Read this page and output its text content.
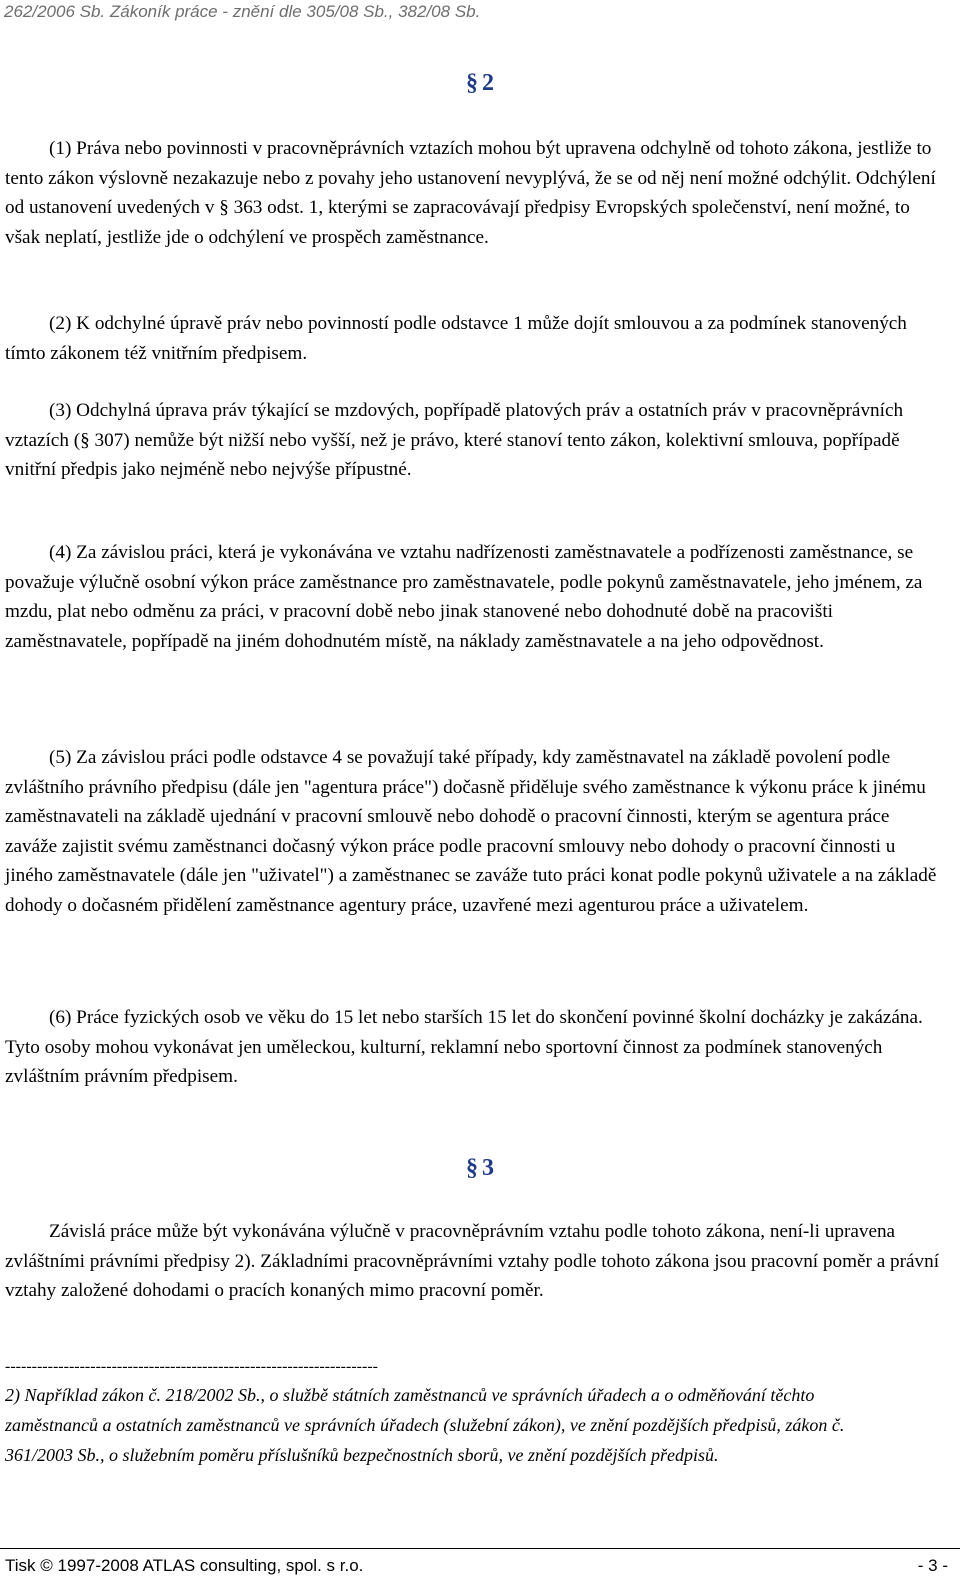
262/2006 Sb. Zákoník práce - znění dle 305/08 Sb., 382/08 Sb.
§ 2

(1) Práva nebo povinnosti v pracovněprávních vztazích mohou být upravena odchylně od tohoto zákona, jestliže to tento zákon výslovně nezakazuje nebo z povahy jeho ustanovení nevyplývá, že se od něj není možné odchýlit. Odchýlení od ustanovení uvedených v § 363 odst. 1, kterými se zapracovávají předpisy Evropských společenství, není možné, to však neplatí, jestliže jde o odchýlení ve prospěch zaměstnance.

(2) K odchylné úpravě práv nebo povinností podle odstavce 1 může dojít smlouvou a za podmínek stanovených tímto zákonem též vnitřním předpisem.

(3) Odchylná úprava práv týkající se mzdových, popřípadě platových práv a ostatních práv v pracovněprávních vztazích (§ 307) nemůže být nižší nebo vyšší, než je právo, které stanoví tento zákon, kolektivní smlouva, popřípadě vnitřní předpis jako nejméně nebo nejvýše přípustné.

(4) Za závislou práci, která je vykonávána ve vztahu nadřízenosti zaměstnavatele a podřízenosti zaměstnance, se považuje výlučně osobní výkon práce zaměstnance pro zaměstnavatele, podle pokynů zaměstnavatele, jeho jménem, za mzdu, plat nebo odměnu za práci, v pracovní době nebo jinak stanovené nebo dohodnuté době na pracovišti zaměstnavatele, popřípadě na jiném dohodnutém místě, na náklady zaměstnavatele a na jeho odpovědnost.

(5) Za závislou práci podle odstavce 4 se považují také případy, kdy zaměstnavatel na základě povolení podle zvláštního právního předpisu (dále jen "agentura práce") dočasně přiděluje svého zaměstnance k výkonu práce k jinému zaměstnavateli na základě ujednání v pracovní smlouvě nebo dohodě o pracovní činnosti, kterým se agentura práce zaváže zajistit svému zaměstnanci dočasný výkon práce podle pracovní smlouvy nebo dohody o pracovní činnosti u jiného zaměstnavatele (dále jen "uživatel") a zaměstnanec se zaváže tuto práci konat podle pokynů uživatele a na základě dohody o dočasném přidělení zaměstnance agentury práce, uzavřené mezi agenturou práce a uživatelem.

(6) Práce fyzických osob ve věku do 15 let nebo starších 15 let do skončení povinné školní docházky je zakázána. Tyto osoby mohou vykonávat jen uměleckou, kulturní, reklamní nebo sportovní činnost za podmínek stanovených zvláštním právním předpisem.

§ 3

Závislá práce může být vykonávána výlučně v pracovněprávním vztahu podle tohoto zákona, není-li upravena zvláštními právními předpisy 2). Základními pracovněprávními vztahy podle tohoto zákona jsou pracovní poměr a právní vztahy založené dohodami o pracích konaných mimo pracovní poměr.

----------------------------------------------------------------------

2) Například zákon č. 218/2002 Sb., o službě státních zaměstnanců ve správních úřadech a o odměňování těchto zaměstnanců a ostatních zaměstnanců ve správních úřadech (služební zákon), ve znění pozdějších předpisů, zákon č. 361/2003 Sb., o služebním poměru příslušníků bezpečnostních sborů, ve znění pozdějších předpisů.

Tisk © 1997-2008 ATLAS consulting, spol. s r.o.	- 3 -
